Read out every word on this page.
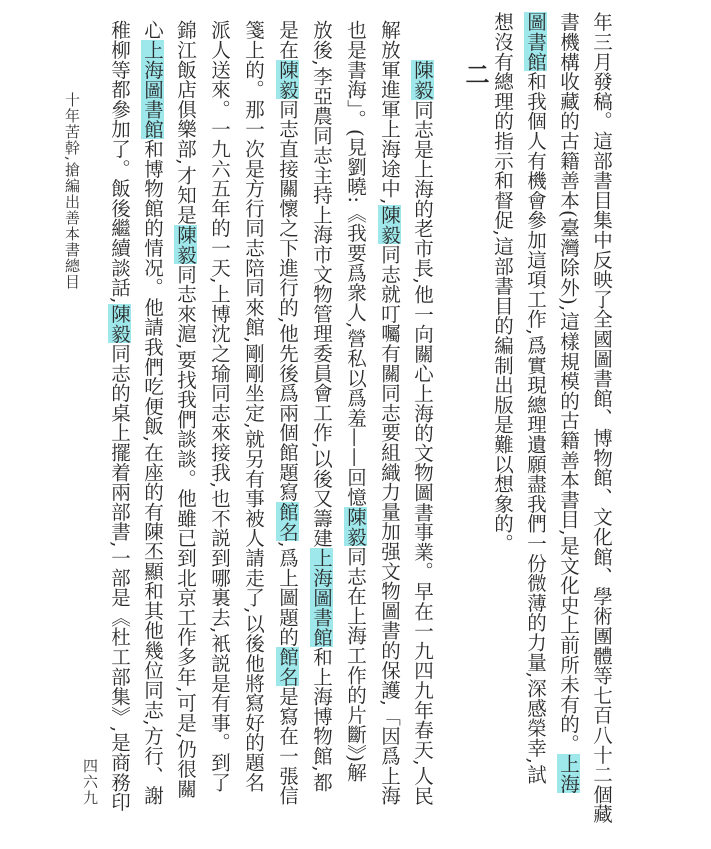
二
十年苦幹,搶編出善本書總目
四六九	年三月發稿。這部書目集中反映了全國圖書館、博物館、文化館、學術團體等七百八十二個藏
書機構收藏的古籍善本(臺灣除外),這樣規模的古籍善本書目,是文化史上前所未有的。上海
圖書館和我個人有機會參加這項工作,爲實現總理遺願盡我們一份微薄的力量,深感榮幸,試
想沒有總理的指示和督促,這部書目的編制出版是難以想象的。
陳毅同志是上海的老市長,他一向關心上海的文物圖書事業。早在一九四九年春天,人民
解放軍進軍上海途中,陳毅同志就叮囑有關同志要組織力量加强文物圖書的保護,「因爲上海
也是書海」。(見劉曉:《我要爲衆人,營私以爲羞——回憶陳毅同志在上海工作的片斷》)解
放後,李亞農同志主持上海市文物管理委員會工作,以後又籌建上海圖書館和上海博物館,都
是在陳毅同志直接關懷之下進行的,他先後爲兩個館題寫館名,爲上圖題的館名是寫在一張信
箋上的。那一次是方行同志陪同來館,剛剛坐定,就另有事被人請走了,以後他將寫好的題名
派人送來。一九六五年的一天,上博沈之瑜同志來接我,也不説到哪裏去,衹説是有事。到了
錦江飯店俱樂部,才知是陳毅同志來滬,要找我們談談。他雖已到北京工作多年,可是,仍很關
心上海圖書館和博物館的情况。他請我們吃便飯,在座的有陳丕顯和其他幾位同志,方行、謝
稚柳等都參加了。飯後繼續談話,陳毅同志的桌上擺着兩部書,一部是《杜工部集》,是商務印
